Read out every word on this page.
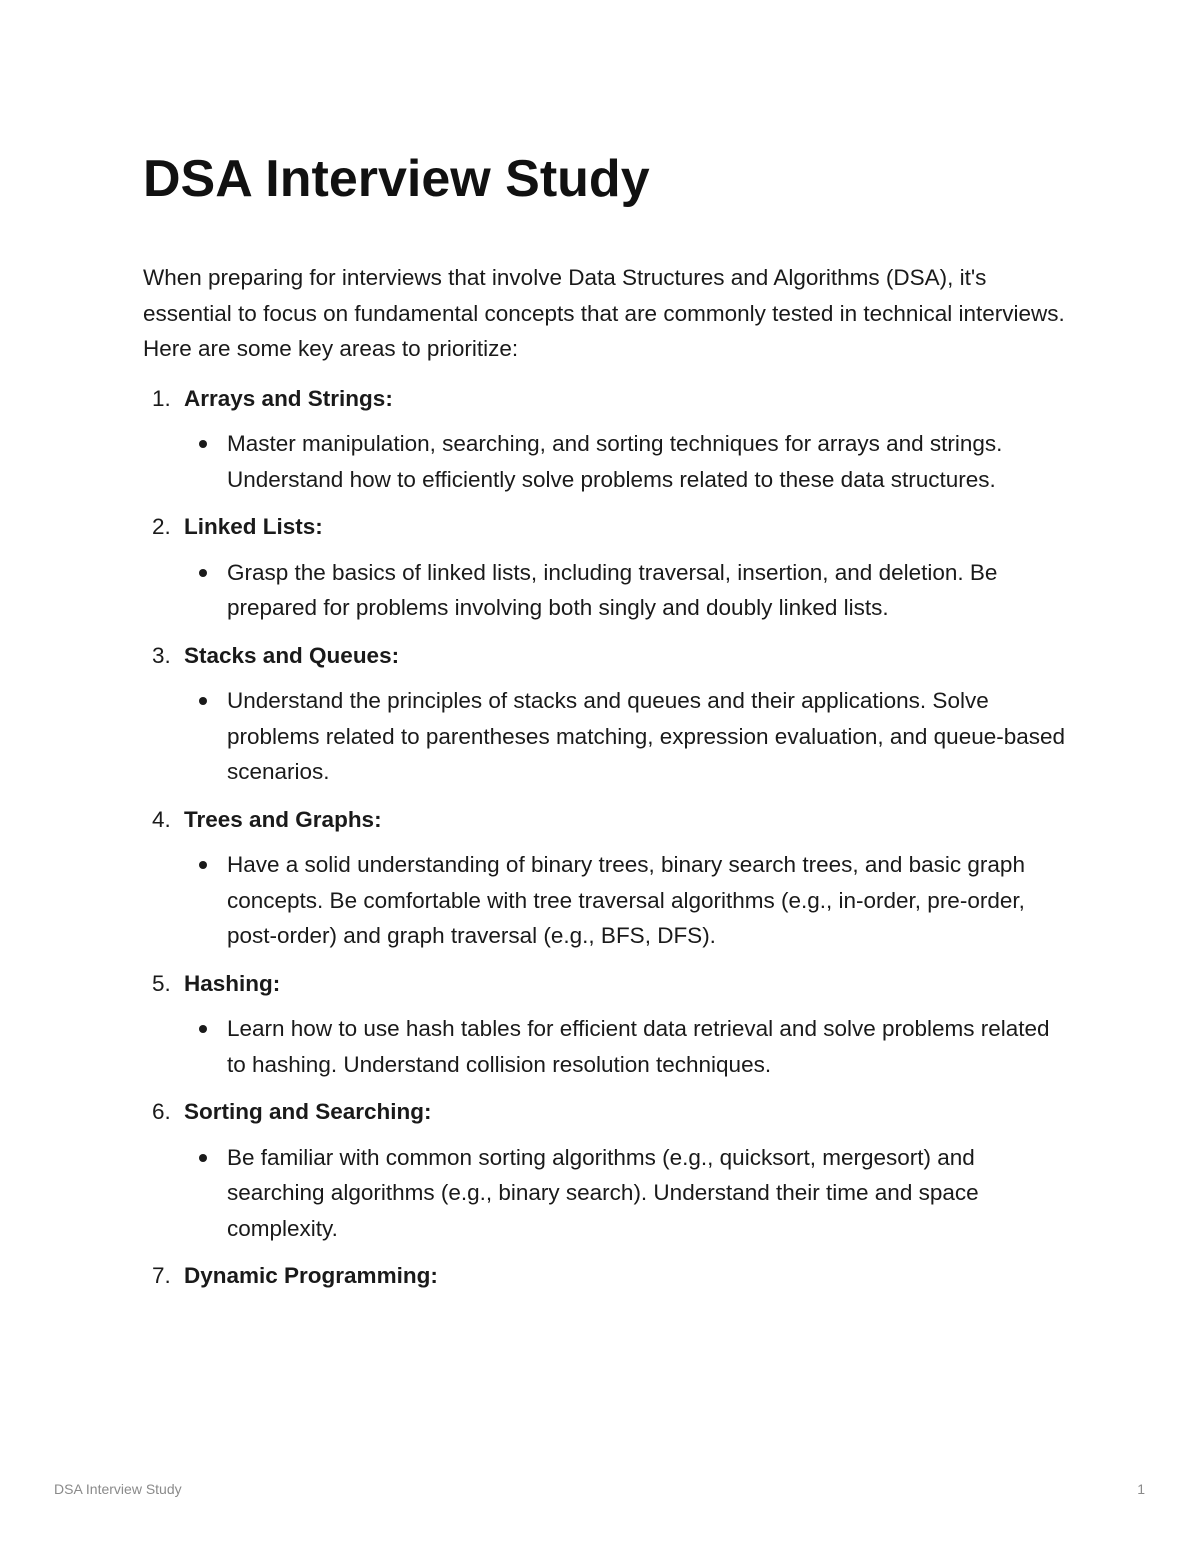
DSA Interview Study

When preparing for interviews that involve Data Structures and Algorithms (DSA), it's essential to focus on fundamental concepts that are commonly tested in technical interviews. Here are some key areas to prioritize:

1. Arrays and Strings:

Master manipulation, searching, and sorting techniques for arrays and strings. Understand how to efficiently solve problems related to these data structures.
2. Linked Lists:

Grasp the basics of linked lists, including traversal, insertion, and deletion. Be prepared for problems involving both singly and doubly linked lists.
3. Stacks and Queues:

Understand the principles of stacks and queues and their applications. Solve problems related to parentheses matching, expression evaluation, and queue-based scenarios.
4. Trees and Graphs:

Have a solid understanding of binary trees, binary search trees, and basic graph concepts. Be comfortable with tree traversal algorithms (e.g., in-order, pre-order, post-order) and graph traversal (e.g., BFS, DFS).
5. Hashing:

Learn how to use hash tables for efficient data retrieval and solve problems related to hashing. Understand collision resolution techniques.
6. Sorting and Searching:

Be familiar with common sorting algorithms (e.g., quicksort, mergesort) and searching algorithms (e.g., binary search). Understand their time and space complexity.
7. Dynamic Programming:

DSA Interview Study	1
